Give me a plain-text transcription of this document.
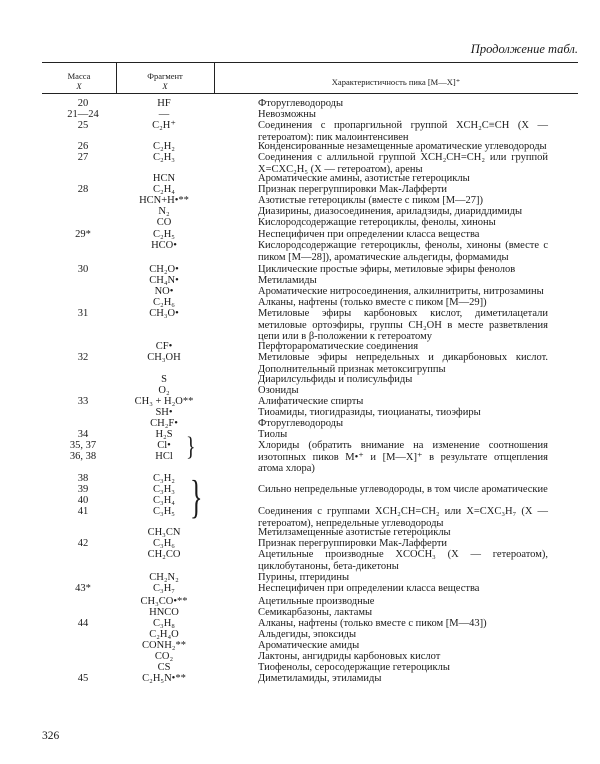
Продолжение табл.
Масса
X
Фрагмент
X	Характеристичность пика [M—X]⁺
20	HF	Фторуглеводороды
21—24	—	Невозможны
25	C₂H⁺	Соединения с пропаргильной группой XCH₂C≡CH (X — гетероатом): пик малоинтенсивен
26	C₂H₂	Конденсированные незамещенные ароматические углеводороды
27	C₂H₃	Соединения с аллильной группой XCH₂CH=CH₂ или группой X=CXC₂H₅ (X — гетероатом), арены
HCN	Ароматические амины, азотистые гетероциклы
28	C₂H₄	Признак перегруппировки Мак-Лафферти
HCN+H•**	Азотистые гетероциклы (вместе с пиком [M—27])
N₂	Диазирины, диазосоединения, ариладзиды, диариддимиды
CO	Кислородсодержащие гетероциклы, фенолы, хиноны
29*	C₂H₅	Неспецифичен при определении класса вещества
HCO•	Кислородсодержащие гетероциклы, фенолы, хиноны (вместе с пиком [M—28]), ароматические альдегиды, формамиды
30	CH₂O•	Циклические простые эфиры, метиловые эфиры фенолов
CH₄N•	Метиламиды
NO•	Ароматические нитросоединения, алкилнитриты, нитрозамины
C₂H₆	Алканы, нафтены (только вместе с пиком [M—29])
31	CH₃O•	Метиловые эфиры карбоновых кислот, диметилацетали метиловые ортоэфиры, группы CH₂OH в месте разветвления цепи или в β-положении к гетероатому
CF•	Перфторароматические соединения
32	CH₃OH	Метиловые эфиры непредельных и дикарбоновых кислот. Дополнительный признак метоксигруппы
S	Диарилсульфиды и полисульфиды
O₂	Озониды
33	CH₃ + H₂O**	Алифатические спирты
SH•	Тиоамиды, тиогидразиды, тиоцианаты, тиоэфиры
CH₂F•	Фторуглеводороды
34	H₂S	Тиолы
35, 37	Cl•	Хлориды (обратить внимание на изменение соотношения изотопных пиков M•⁺ и [M—X]⁺ в результате отщепления атома хлора)
36, 38	HCl
38	C₃H₂
39	C₃H₃	Сильно непредельные углеводороды, в том числе ароматические
40	C₃H₄
41	C₃H₅	Соединения с группами XCH₂CH=CH₂ или X=CXC₃H₇ (X — гетероатом), непредельные углеводороды
CH₃CN	Метилзамещенные азотистые гетероциклы
42	C₃H₆	Признак перегруппировки Мак-Лафферти
CH₂CO	Ацетильные производные XCOCH₃ (X — гетероатом), циклобутаноны, бета-дикетоны
CH₂N₂	Пурины, птеридины
43*	C₃H₇	Неспецифичен при определении класса вещества
CH₃CO•**	Ацетильные производные
HNCO	Семикарбазоны, лактамы
44	C₃H₈	Алканы, нафтены (только вместе с пиком [M—43])
C₂H₄O	Альдегиды, эпоксиды
CONH₂**	Ароматические амиды
CO₂	Лактоны, ангидриды карбоновых кислот
CS	Тиофенолы, серосодержащие гетероциклы
45	C₂H₅N•**	Диметиламиды, этиламиды
}
}
326
